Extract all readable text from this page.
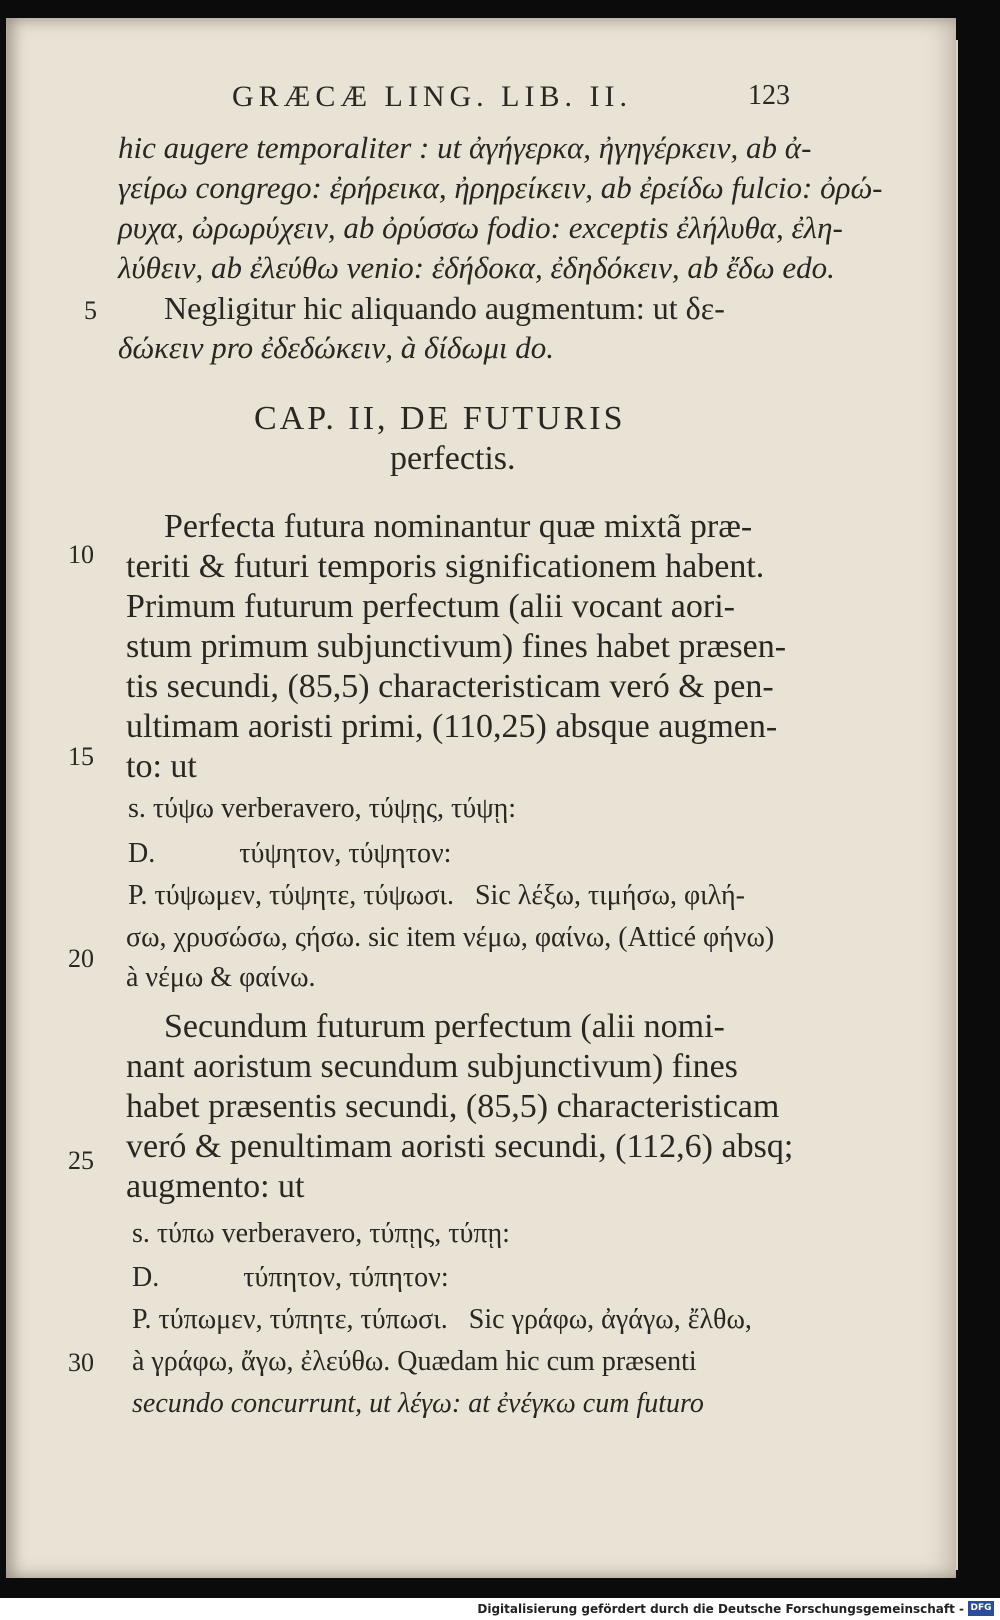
GRÆCÆ LING. LIB. II.	123
hic augere temporaliter : ut ἀγήγερκα, ἠγηγέρκειν, ab ἀ-
γείρω congrego: ἐρήρεικα, ἠρηρείκειν, ab ἐρείδω fulcio: ὀρώ-
ρυχα, ὠρωρύχειν, ab ὀρύσσω fodio: exceptis ἐλήλυθα, ἐλη-
λύθειν, ab ἐλεύθω venio: ἐδήδοκα, ἐδηδόκειν, ab ἔδω edo.
Negligitur hic aliquando augmentum: ut δε-
δώκειν pro ἐδεδώκειν, à δίδωμι do.
CAP. II, DE FUTURIS
perfectis.
Perfecta futura nominantur quæ mixtã præ-
teriti & futuri temporis significationem habent.
Primum futurum perfectum (alii vocant aori-
stum primum subjunctivum) fines habet præsen-
tis secundi, (85,5) characteristicam veró & pen-
ultimam aoristi primi, (110,25) absque augmen-
to: ut
s. τύψω verberavero, τύψῃς, τύψῃ:
D.            τύψητον, τύψητον:
P. τύψωμεν, τύψητε, τύψωσι.   Sic λέξω, τιμήσω, φιλή-
σω, χρυσώσω, ςήσω. sic item νέμω, φαίνω, (Atticé φήνω)
à νέμω & φαίνω.
Secundum futurum perfectum (alii nomi-
nant aoristum secundum subjunctivum) fines
habet præsentis secundi, (85,5) characteristicam
veró & penultimam aoristi secundi, (112,6) absq;
augmento: ut
s. τύπω verberavero, τύπῃς, τύπῃ:
D.            τύπητον, τύπητον:
P. τύπωμεν, τύπητε, τύπωσι.   Sic γράφω, ἀγάγω, ἔλθω,
à γράφω, ἄγω, ἐλεύθω. Quædam hic cum præsenti
secundo concurrunt, ut λέγω: at ἐνέγκω cum futuro
5
10
15
20
25
30
Digitalisierung gefördert durch die Deutsche Forschungsgemeinschaft - DFG
